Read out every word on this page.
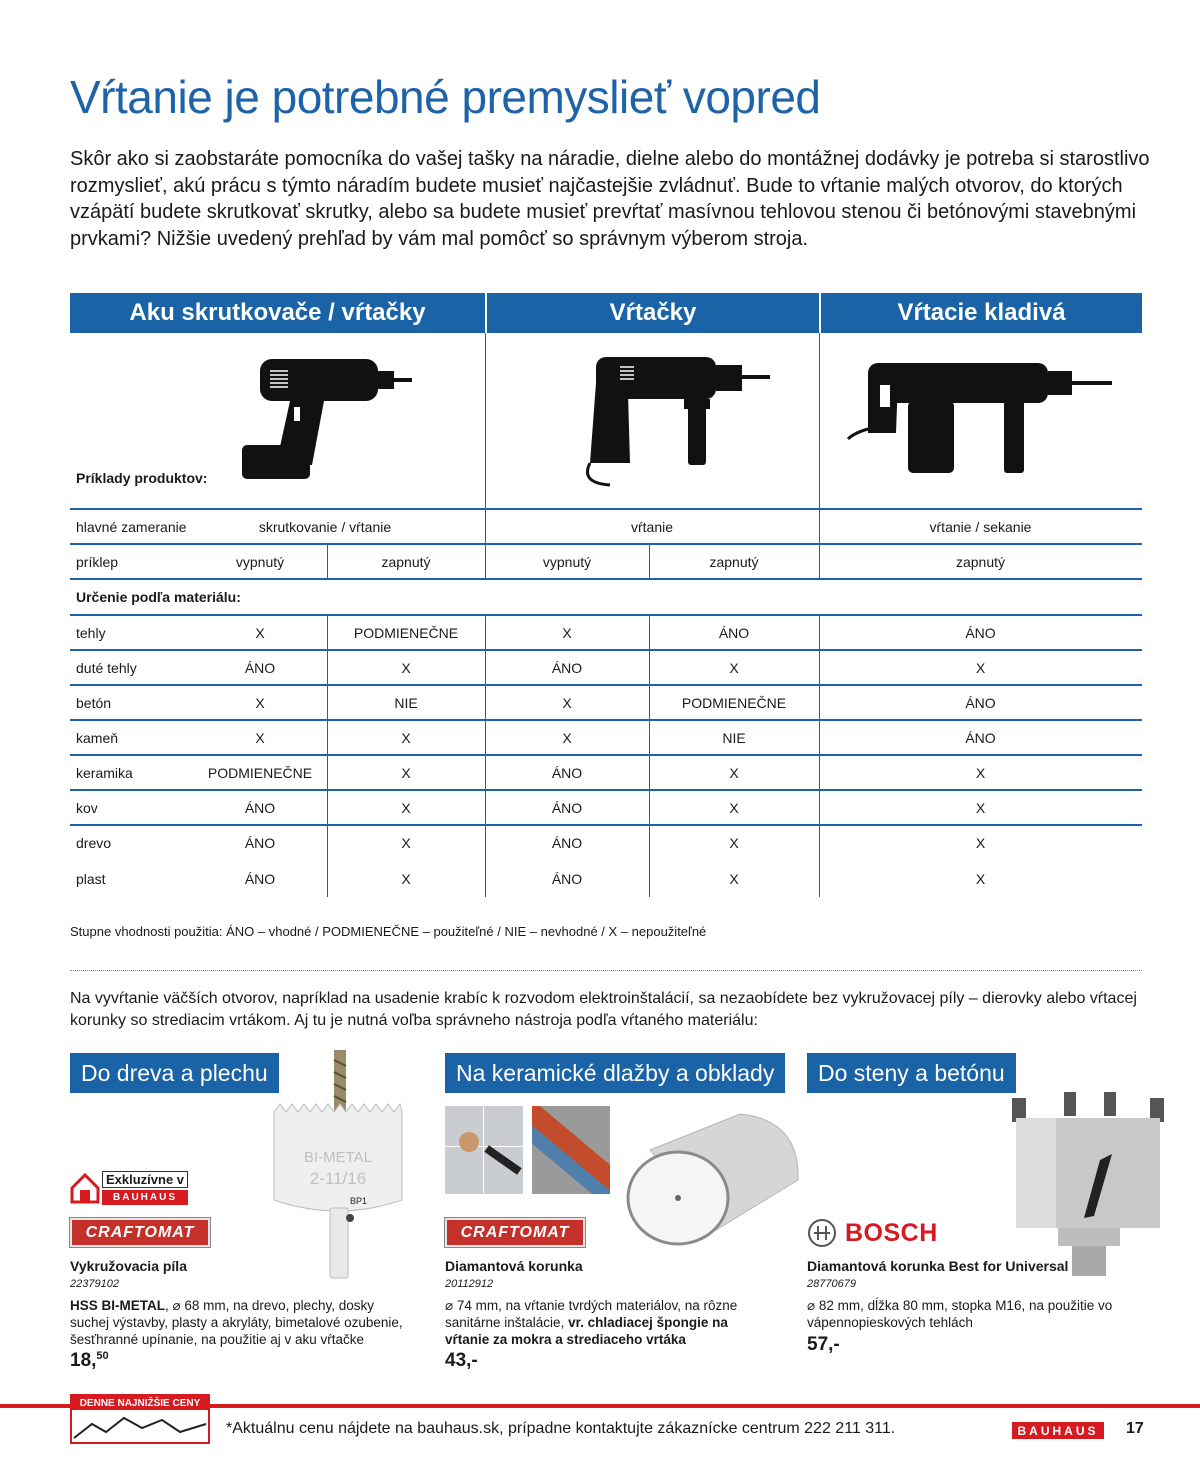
Vŕtanie je potrebné premyslieť vopred
Skôr ako si zaobstaráte pomocníka do vašej tašky na náradie, dielne alebo do montážnej dodávky je potreba si starostlivo rozmyslieť, akú prácu s týmto náradím budete musieť najčastejšie zvládnuť. Bude to vŕtanie malých otvorov, do ktorých vzápätí budete skrutkovať skrutky, alebo sa budete musieť prevŕtať masívnou tehlovou stenou či betónovými stavebnými prvkami? Nižšie uvedený prehľad by vám mal pomôcť so správnym výberom stroja.
Aku skrutkovače / vŕtačky	Vŕtačky	Vŕtacie kladivá
Príklady produktov:
hlavné zameranie	skrutkovanie / vŕtanie	vŕtanie	vŕtanie / sekanie
príklep	vypnutý	zapnutý	vypnutý	zapnutý	zapnutý
Určenie podľa materiálu:
tehly	X	PODMIENEČNE	X	ÁNO	ÁNO
duté tehly	ÁNO	X	ÁNO	X	X
betón	X	NIE	X	PODMIENEČNE	ÁNO
kameň	X	X	X	NIE	ÁNO
keramika	PODMIENEČNE	X	ÁNO	X	X
kov	ÁNO	X	ÁNO	X	X
drevo	ÁNO	X	ÁNO	X	X
plast	ÁNO	X	ÁNO	X	X
Stupne vhodnosti použitia: ÁNO – vhodné / PODMIENEČNE – použiteľné / NIE – nevhodné / X – nepoužiteľné
Na vyvŕtanie väčších otvorov, napríklad na usadenie krabíc k rozvodom elektroinštalácií, sa nezaobídete bez vykružovacej píly – dierovky alebo vŕtacej korunky so strediacim vrtákom. Aj tu je nutná voľba správneho nástroja podľa vŕtaného materiálu:
Do dreva a plechu
BI-METAL
2-11/16
BP1
Exkluzívne v
BAUHAUS
CRAFTOMAT
Vykružovacia píla
22379102
HSS BI-METAL, ⌀ 68 mm, na drevo, plechy, dosky suchej výstavby, plasty a akryláty, bimetalové ozubenie, šesťhranné upínanie, na použitie aj v aku vŕtačke
18,50
Na keramické dlažby a obklady
CRAFTOMAT
Diamantová korunka
20112912
⌀ 74 mm, na vŕtanie tvrdých materiálov, na rôzne sanitárne inštalácie, vr. chladiacej špongie na vŕtanie za mokra a strediaceho vrtáka
43,-
Do steny a betónu
BOSCH
Diamantová korunka Best for Universal
28770679
⌀ 82 mm, dĺžka 80 mm, stopka M16, na použitie vo vápennopieskových tehlách
57,-
DENNE NAJNIŽŠIE CENY
*Aktuálnu cenu nájdete na bauhaus.sk, prípadne kontaktujte zákaznícke centrum 222 211 311.	BAUHAUS	17
